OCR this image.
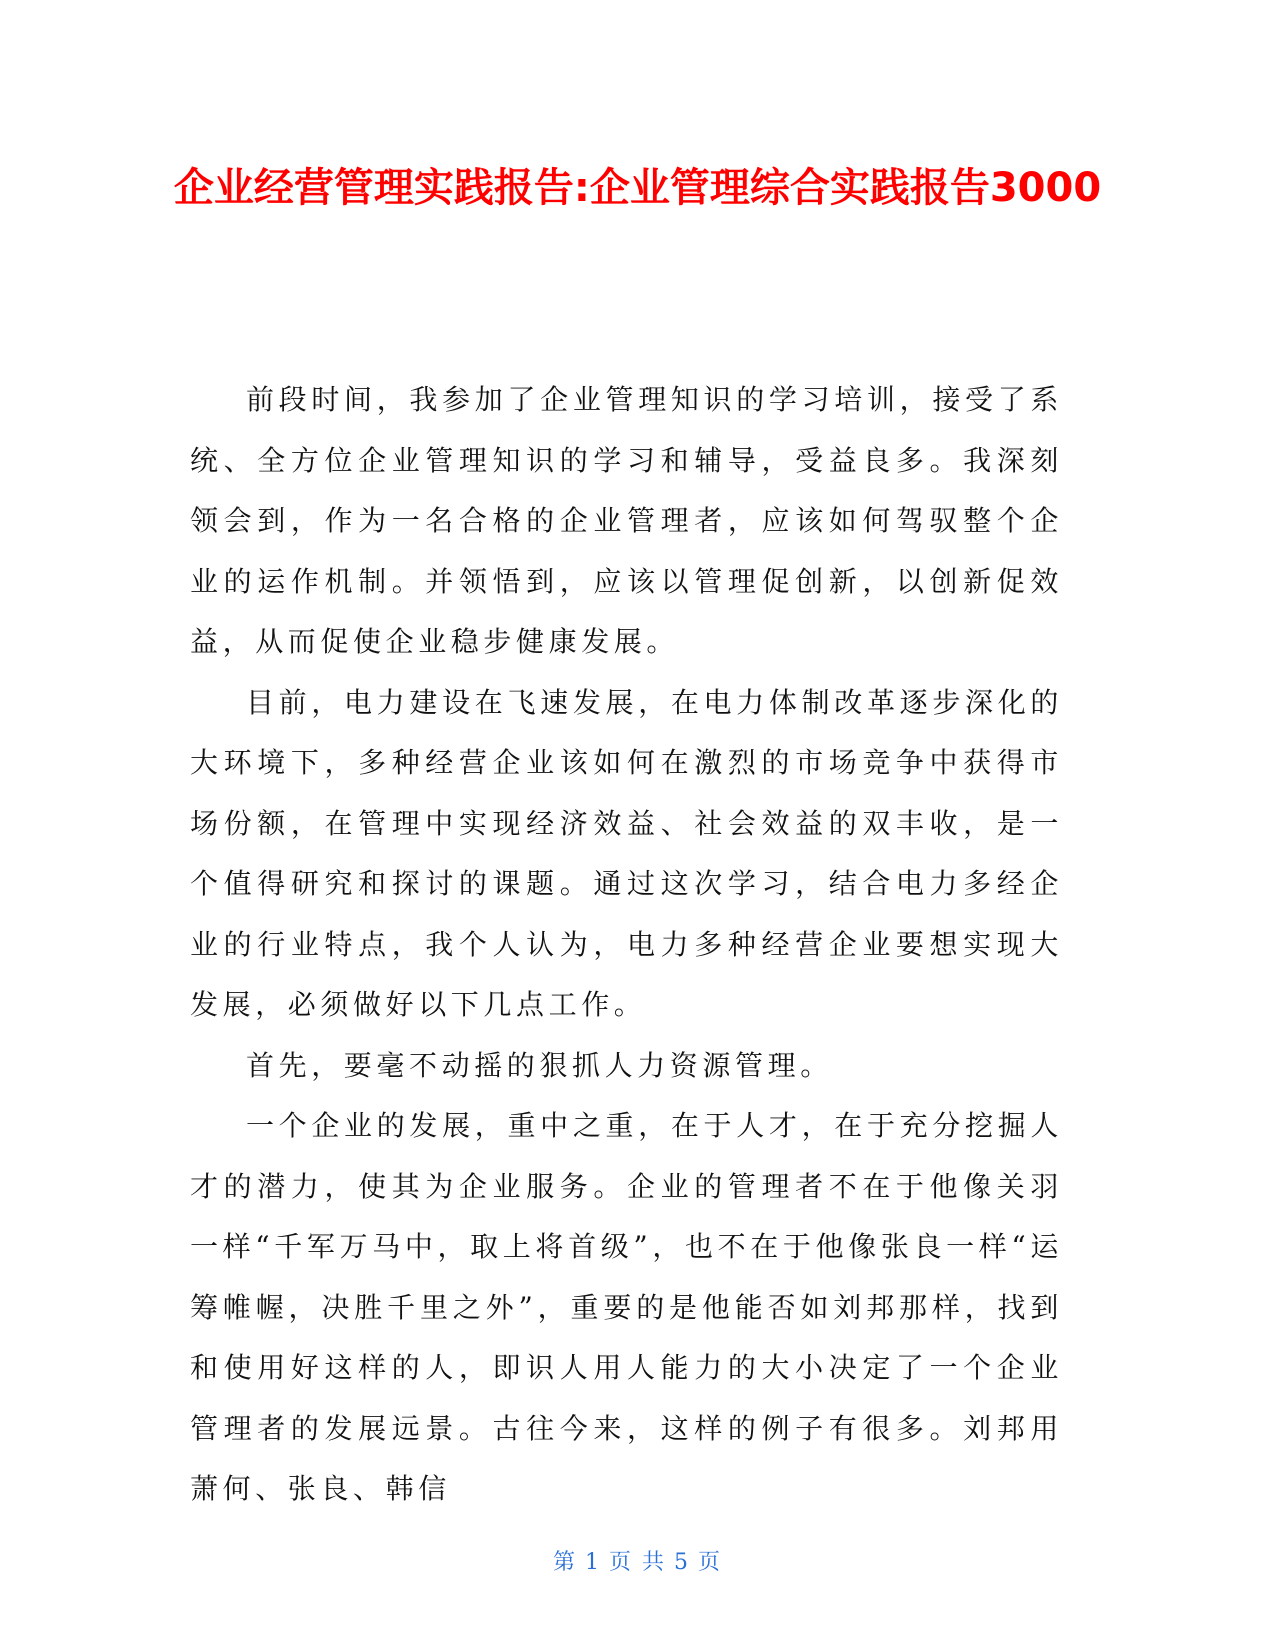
企业经营管理实践报告:企业管理综合实践报告3000

前段时间，我参加了企业管理知识的学习培训，接受了系统、全方位企业管理知识的学习和辅导，受益良多。我深刻领会到，作为一名合格的企业管理者，应该如何驾驭整个企业的运作机制。并领悟到，应该以管理促创新，以创新促效益，从而促使企业稳步健康发展。

目前，电力建设在飞速发展，在电力体制改革逐步深化的大环境下，多种经营企业该如何在激烈的市场竞争中获得市场份额，在管理中实现经济效益、社会效益的双丰收，是一个值得研究和探讨的课题。通过这次学习，结合电力多经企业的行业特点，我个人认为，电力多种经营企业要想实现大发展，必须做好以下几点工作。

首先，要毫不动摇的狠抓人力资源管理。

一个企业的发展，重中之重，在于人才，在于充分挖掘人才的潜力，使其为企业服务。企业的管理者不在于他像关羽一样“千军万马中，取上将首级”，也不在于他像张良一样“运筹帷幄，决胜千里之外”，重要的是他能否如刘邦那样，找到和使用好这样的人，即识人用人能力的大小决定了一个企业管理者的发展远景。古往今来，这样的例子有很多。刘邦用萧何、张良、韩信

第 1 页 共 5 页
